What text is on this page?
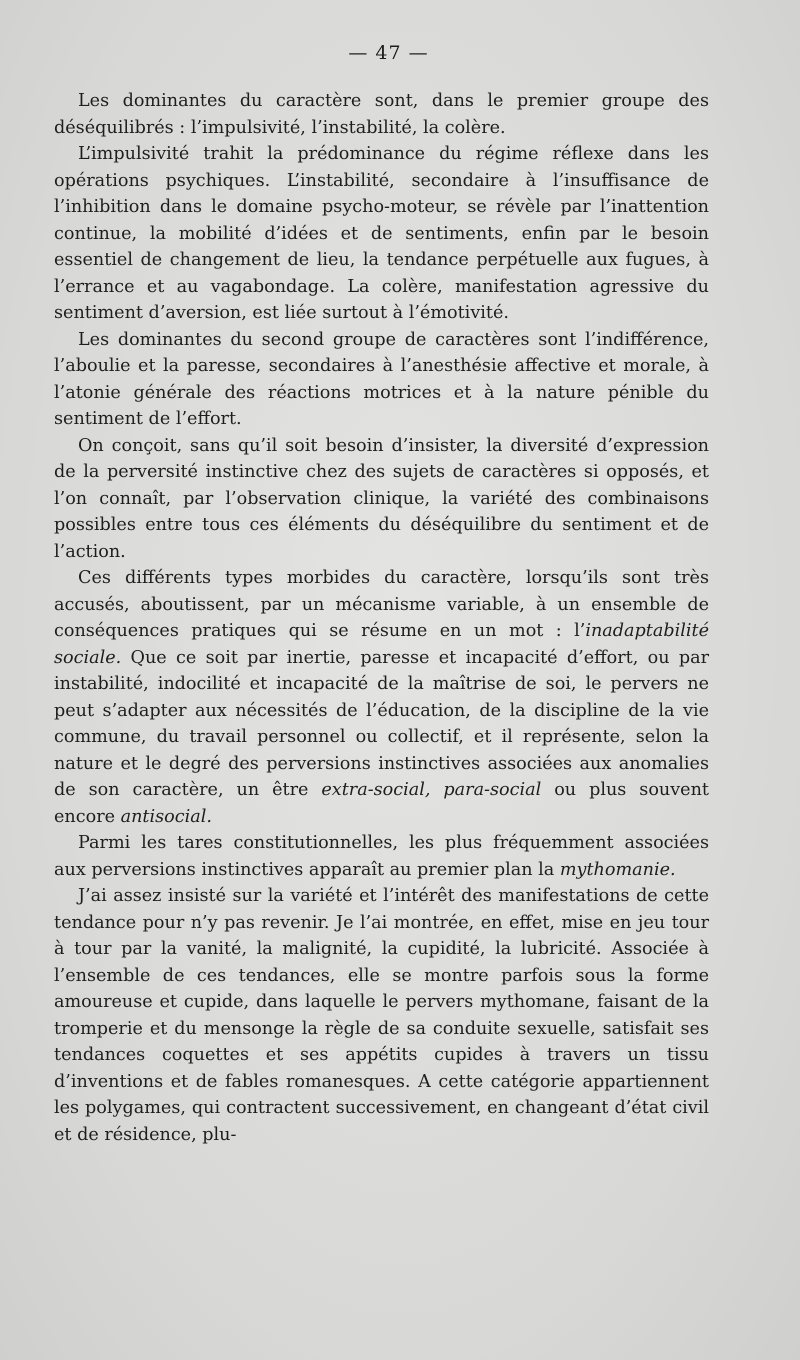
— 47 —

Les dominantes du caractère sont, dans le premier groupe des déséquilibrés : l’impulsivité, l’instabilité, la colère.

L’impulsivité trahit la prédominance du régime réflexe dans les opérations psychiques. L’instabilité, secondaire à l’insuffisance de l’inhibition dans le domaine psycho-moteur, se révèle par l’inattention continue, la mobilité d’idées et de sentiments, enfin par le besoin essentiel de changement de lieu, la tendance perpétuelle aux fugues, à l’errance et au vagabondage. La colère, manifestation agressive du sentiment d’aversion, est liée surtout à l’émotivité.

Les dominantes du second groupe de caractères sont l’indifférence, l’aboulie et la paresse, secondaires à l’anesthésie affective et morale, à l’atonie générale des réactions motrices et à la nature pénible du sentiment de l’effort.

On conçoit, sans qu’il soit besoin d’insister, la diversité d’expression de la perversité instinctive chez des sujets de caractères si opposés, et l’on connaît, par l’observation clinique, la variété des combinaisons possibles entre tous ces éléments du déséquilibre du sentiment et de l’action.

Ces différents types morbides du caractère, lorsqu’ils sont très accusés, aboutissent, par un mécanisme variable, à un ensemble de conséquences pratiques qui se résume en un mot : l’inadaptabilité sociale. Que ce soit par inertie, paresse et incapacité d’effort, ou par instabilité, indocilité et incapacité de la maîtrise de soi, le pervers ne peut s’adapter aux nécessités de l’éducation, de la discipline de la vie commune, du travail personnel ou collectif, et il représente, selon la nature et le degré des perversions instinctives associées aux anomalies de son caractère, un être extra-social, para-social ou plus souvent encore antisocial.

Parmi les tares constitutionnelles, les plus fréquemment associées aux perversions instinctives apparaît au premier plan la mythomanie.

J’ai assez insisté sur la variété et l’intérêt des manifestations de cette tendance pour n’y pas revenir. Je l’ai montrée, en effet, mise en jeu tour à tour par la vanité, la malignité, la cupidité, la lubricité. Associée à l’ensemble de ces tendances, elle se montre parfois sous la forme amoureuse et cupide, dans laquelle le pervers mythomane, faisant de la tromperie et du mensonge la règle de sa conduite sexuelle, satisfait ses tendances coquettes et ses appétits cupides à travers un tissu d’inventions et de fables romanesques. A cette catégorie appartiennent les polygames, qui contractent successivement, en changeant d’état civil et de résidence, plu-
